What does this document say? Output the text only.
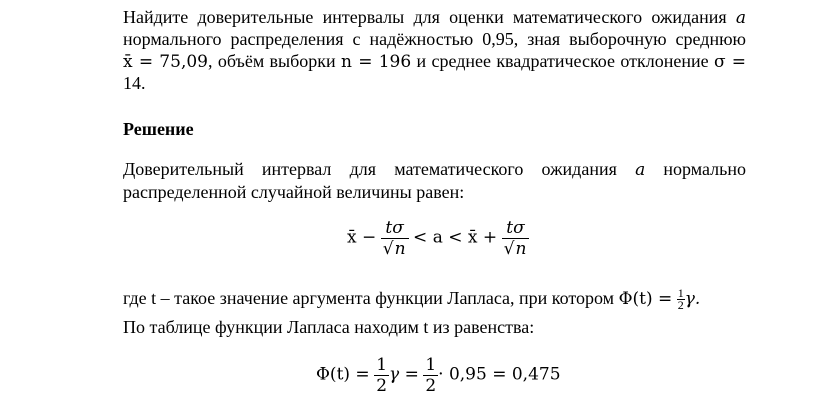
Найдите доверительные интервалы для оценки математического ожидания a
нормального распределения с надёжностью 0,95, зная выборочную среднюю
x̄ = 75,09, объём выборки n = 196 и среднее квадратическое отклонение σ =
14.
Решение
Доверительный интервал для математического ожидания a нормально
распределенной случайной величины равен:
x̄ − $\frac{t\sigma}{√n} < a$ < x̄ + $\frac{t\sigma}{√n}$
где t – такое значение аргумента функции Лапласа, при котором $\Phi(t) = \frac{1}{2} \gamma$.
По таблице функции Лапласа находим t из равенства:
$\Phi(t) = \frac{1}{2}$ $\gamma = \frac{1}{2} \cdot 0,95 = 0,475$
